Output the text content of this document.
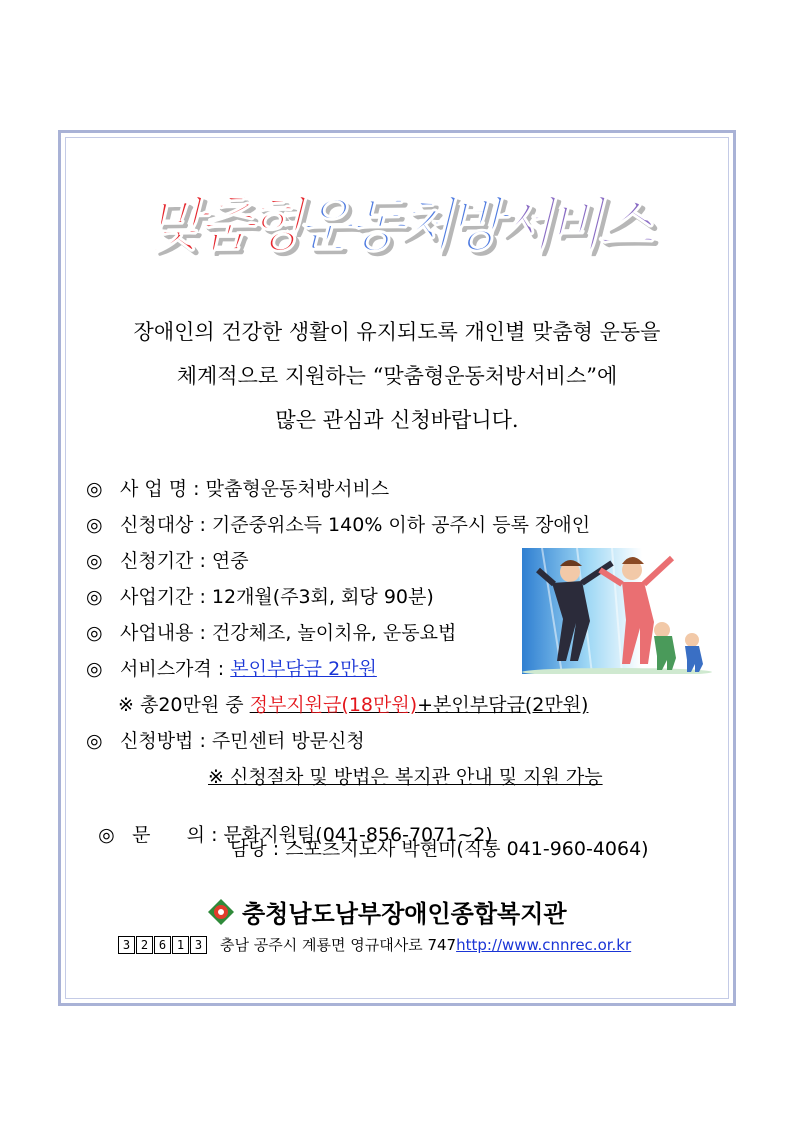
맞춤형운동처방서비스
장애인의 건강한 생활이 유지되도록 개인별 맞춤형 운동을
체계적으로 지원하는 “맞춤형운동처방서비스”에
많은 관심과 신청바랍니다.
◎ 사 업 명 : 맞춤형운동처방서비스
◎ 신청대상 : 기준중위소득 140% 이하 공주시 등록 장애인
◎ 신청기간 : 연중
◎ 사업기간 : 12개월(주3회, 회당 90분)
◎ 사업내용 : 건강체조, 놀이치유, 운동요법
◎ 서비스가격 : 본인부담금 2만원
※ 총20만원 중 정부지원금(18만원)+본인부담금(2만원)
◎ 신청방법 : 주민센터 방문신청
※ 신청절차 및 방법은 복지관 안내 및 지원 가능

◎ 문      의 : 문화지원팀(041-856-7071~2)

담당 : 스포츠지도사 박현미(직통 041-960-4064)
충청남도남부장애인종합복지관
3 2 6 1 3	충남 공주시 계룡면 영규대사로 747 http://www.cnnrec.or.kr
